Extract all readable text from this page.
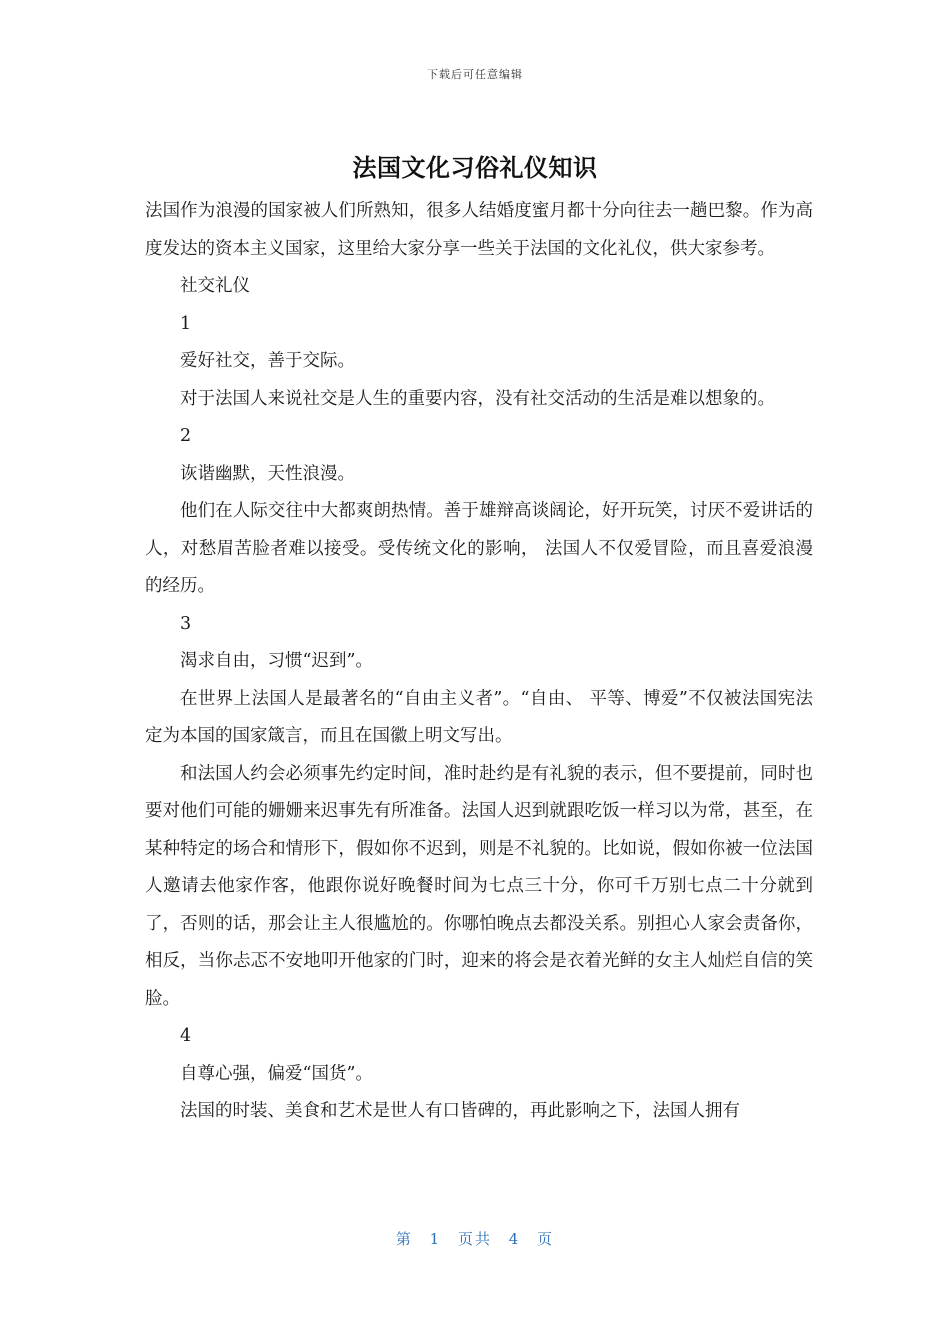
下载后可任意编辑
法国文化习俗礼仪知识

法国作为浪漫的国家被人们所熟知，很多人结婚度蜜月都十分向往去一趟巴黎。作为高度发达的资本主义国家，这里给大家分享一些关于法国的文化礼仪，供大家参考。

社交礼仪

1

爱好社交，善于交际。

对于法国人来说社交是人生的重要内容，没有社交活动的生活是难以想象的。

2

诙谐幽默，天性浪漫。

他们在人际交往中大都爽朗热情。善于雄辩高谈阔论，好开玩笑，讨厌不爱讲话的人，对愁眉苦脸者难以接受。受传统文化的影响， 法国人不仅爱冒险，而且喜爱浪漫的经历。

3

渴求自由，习惯“迟到”。

在世界上法国人是最著名的“自由主义者”。“自由、 平等、博爱”不仅被法国宪法定为本国的国家箴言，而且在国徽上明文写出。

和法国人约会必须事先约定时间，准时赴约是有礼貌的表示，但不要提前，同时也要对他们可能的姗姗来迟事先有所准备。法国人迟到就跟吃饭一样习以为常，甚至，在某种特定的场合和情形下，假如你不迟到，则是不礼貌的。比如说，假如你被一位法国人邀请去他家作客，他跟你说好晚餐时间为七点三十分，你可千万别七点二十分就到了，否则的话，那会让主人很尴尬的。你哪怕晚点去都没关系。别担心人家会责备你，相反，当你忐忑不安地叩开他家的门时，迎来的将会是衣着光鲜的女主人灿烂自信的笑脸。

4

自尊心强，偏爱“国货”。

法国的时装、美食和艺术是世人有口皆碑的，再此影响之下，法国人拥有

第 1 页共 4 页
